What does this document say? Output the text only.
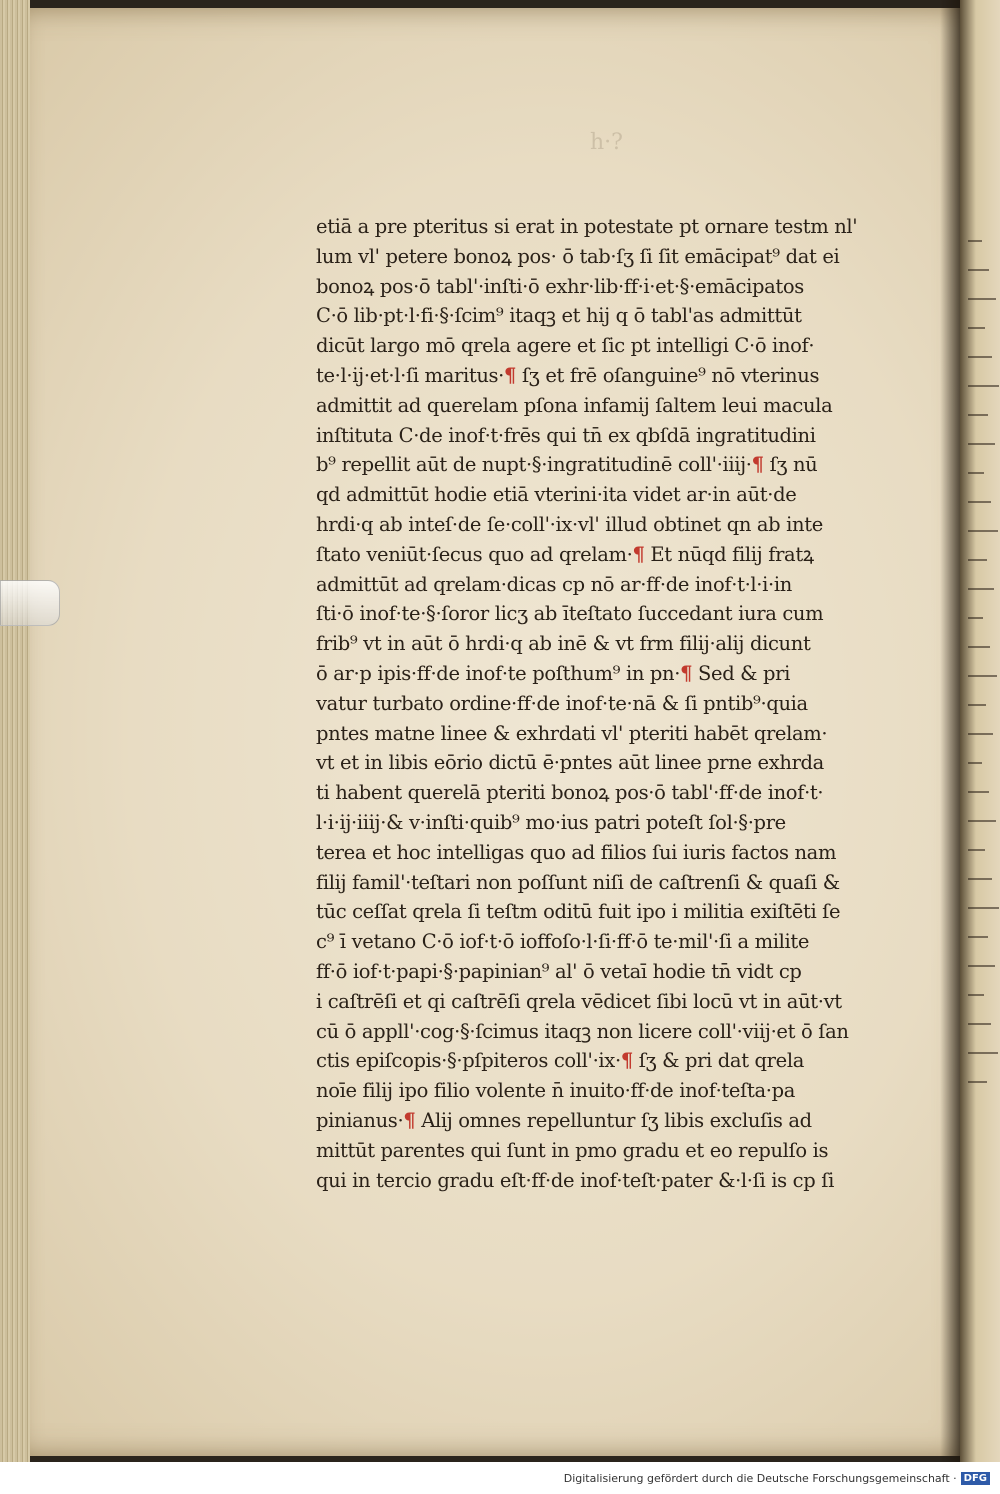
h·?
etiā a pre pteritus si erat in potestate pt ornare testm nl'
lum vl' petere bonoꝝ pos· ō tab·ſʒ ſi ſit emācipat⁹ dat ei
bonoꝝ pos·ō tabl'·inſti·ō exhr·lib·ff·i·et·§·emācipatos
C·ō lib·pt·l·fi·§·ſcim⁹ itaqꝫ et hij q ō tabl'as admittūt
dicūt largo mō qrela agere et ſic pt intelligi C·ō inof·
te·l·ij·et·l·ſi maritus·¶ ſʒ et frē oſanguine⁹ nō vterinus
admittit ad querelam pſona infamij ſaltem leui macula
inſtituta C·de inof·t·frēs qui tn̄ ex qbſdā ingratitudini
b⁹ repellit aūt de nupt·§·ingratitudinē coll'·iiij·¶ ſʒ nū
qd admittūt hodie etiā vterini·ita videt ar·in aūt·de
hrdi·q ab inteſ·de ſe·coll'·ix·vl' illud obtinet qn ab inte
ſtato veniūt·ſecus quo ad qrelam·¶ Et nūqd filij fratꝝ
admittūt ad qrelam·dicas cp nō ar·ff·de inof·t·l·i·in
ſti·ō inof·te·§·ſoror licʒ ab īteſtato ſuccedant iura cum
frib⁹ vt in aūt ō hrdi·q ab inē & vt frm filij·alij dicunt
ō ar·p ipis·ff·de inof·te poſthum⁹ in pn·¶ Sed & pri
vatur turbato ordine·ff·de inof·te·nā & ſi pntib⁹·quia
pntes matne linee & exhrdati vl' pteriti habēt qrelam·
vt et in libis eōrio dictū ē·pntes aūt linee prne exhrda
ti habent querelā pteriti bonoꝝ pos·ō tabl'·ff·de inof·t·
l·i·ij·iiij·& v·inſti·quib⁹ mo·ius patri poteſt ſol·§·pre
terea et hoc intelligas quo ad filios ſui iuris factos nam
filij famil'·teſtari non poſſunt niſi de caſtrenſi & quaſi &
tūc ceſſat qrela ſi teſtm oditū fuit ipo i militia exiſtēti ſe
c⁹ ī vetano C·ō iof·t·ō ioffoſo·l·ſi·ff·ō te·mil'·ſi a milite
ff·ō iof·t·papi·§·papinian⁹ al' ō vetaī hodie tn̄ vidt cp
i caſtrēſi et qi caſtrēſi qrela vēdicet ſibi locū vt in aūt·vt
cū ō appll'·cog·§·ſcimus itaqꝫ non licere coll'·viij·et ō ſan
ctis epiſcopis·§·pſpiteros coll'·ix·¶ ſʒ & pri dat qrela
noīe filij ipo filio volente n̄ inuito·ff·de inof·teſta·pa
pinianus·¶ Alij omnes repelluntur ſʒ libis excluſis ad
mittūt parentes qui ſunt in pmo gradu et eo repulſo is
qui in tercio gradu eſt·ff·de inof·teſt·pater &·l·ſi is cp ſi
Digitalisierung gefördert durch die Deutsche Forschungsgemeinschaft · DFG
